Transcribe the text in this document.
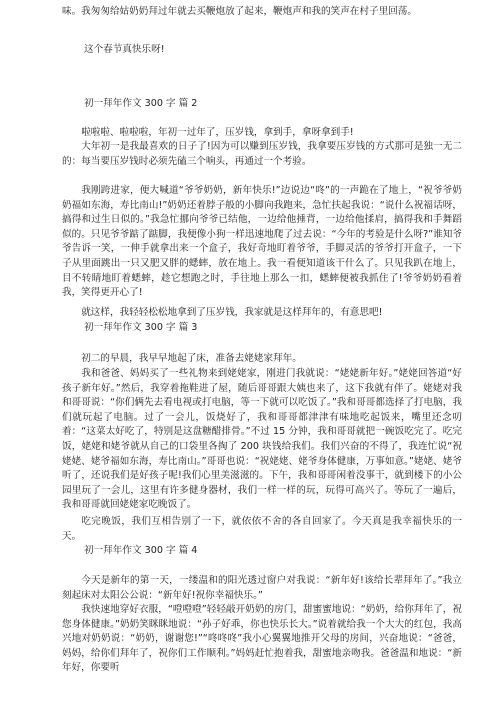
味。我匆匆给姑奶奶拜过年就去买鞭炮放了起来，鞭炮声和我的笑声在村子里回荡。
这个春节真快乐呀!
初一拜年作文 300 字 篇 2
啦啦啦、啦啦啦，年初一过年了，压岁钱，拿到手，拿呀拿到手!
大年初一是我最喜欢的日子了!因为可以赚到压岁钱，我拿要压岁钱的方式那可是独一无二的：每当要压岁钱时必须先磕三个响头，再通过一个考验。
我刚跨进家，便大喊道“爷爷奶奶，新年快乐!”边说边“咚”的一声跪在了地上，“祝爷爷奶奶福如东海，寿比南山!”奶奶还着脖子般的小脚向我跑来，急忙扶起我说：“说什么祝福话呀，搞得和过生日似的。”我急忙挪向爷爷已结他，一边给他捶背，一边给他揉肩，搞得我和手舞蹈似的。只见爷爷踮了踮脚，我便像小狗一样迅速地爬了过去说：“今年的考验是什么呀?”谁知爷爷告诉一笑，一伸手就拿出来一个盒子，我好奇地盯着爷爷，手脚灵活的爷爷打开盒子，一下子从里面跳出一只又肥又胖的蟋蟀，放在地上。我一看便知道该干什么了。只见我趴在地上，目不转睛地盯着蟋蟀，趁它想跑之时，手往地上那么一扣，蟋蟀便被我抓住了!爷爷奶奶看着我，笑得更开心了!
就这样，我轻轻松松地拿到了压岁钱，我家就是这样拜年的，有意思吧!
初一拜年作文 300 字 篇 3
初二的早晨，我早早地起了床，准备去姥姥家拜年。
我和爸爸、妈妈买了一些礼物来到姥姥家，刚进门我就说：“姥姥新年好。”姥姥回答道“好孩子新年好。”然后，我穿着拖鞋进了屋，随后哥哥跟大姨也来了，这下我就有伴了。姥姥对我和哥哥说：“你们俩先去看电视或打电脑，等一下就可以吃饭了。”我和哥哥都选择了打电脑，我们就玩起了电脑。过了一会儿，饭烧好了，我和哥哥都津津有味地吃起饭来，嘴里还念叨着：“这菜太好吃了，特别是这盘糖醋排骨。”不过 15 分钟，我和哥哥就把一碗饭吃完了。吃完饭，姥姥和姥爷就从自己的口袋里各掏了 200 块钱给我们。我们兴奋的不得了，我连忙说“祝姥姥、姥爷福如东海，寿比南山。”哥哥也说：“祝姥姥、姥爷身体健康，万事如意。”姥姥、姥爷听了，还说我们是好孩子呢!我们心里美滋滋的。下午，我和哥哥闲着没事干，就到楼下的小公园里玩了一会儿，这里有许多健身器材，我们一样一样的玩，玩得可高兴了。等玩了一遍后，我和哥哥就回姥姥家吃晚饭了。
吃完晚饭，我们互相告别了一下，就依依不舍的各自回家了。今天真是我幸福快乐的一天。
初一拜年作文 300 字 篇 4
今天是新年的第一天，一缕温和的阳光透过窗户对我说：“新年好!该给长辈拜年了。”我立刻起床对太阳公公说：“新年好!祝你幸福快乐。”
我快速地穿好衣服，“噔噔噔”轻轻敲开奶奶的房门，甜蜜蜜地说：“奶奶，给你拜年了，祝您身体健康。”奶奶笑眯眯地说：“孙子好乖，你也快乐长大。”说着就给我一个大大的红包，我高兴地对奶奶说：“奶奶，谢谢您!”“咚咚咚”我小心翼翼地推开父母的房间，兴奋地说：“爸爸，妈妈，给你们拜年了，祝你们工作顺利。”妈妈赶忙抱着我，甜蜜地亲吻我。爸爸温和地说：“新年好，你要听
